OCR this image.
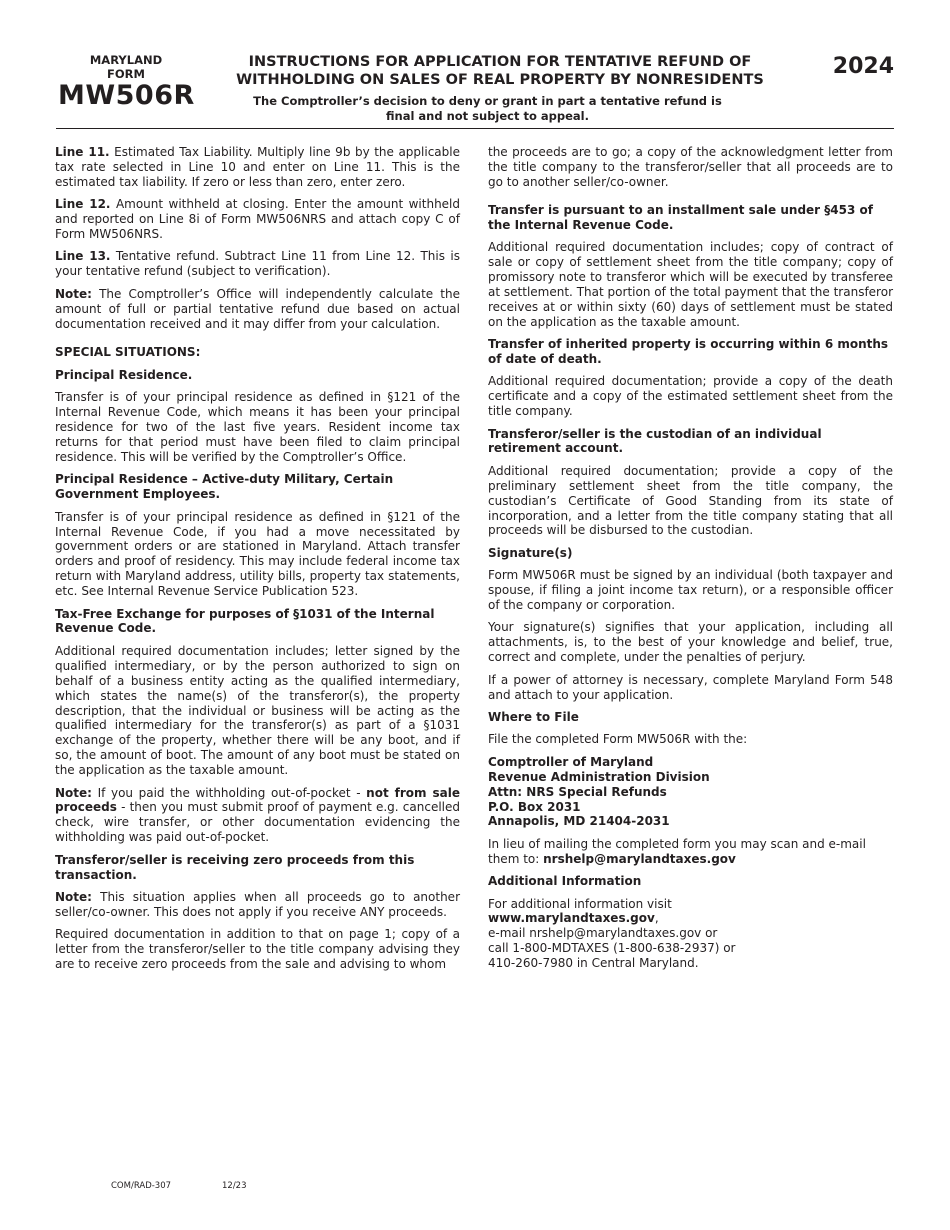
MARYLAND
FORM
MW506R
INSTRUCTIONS FOR APPLICATION FOR TENTATIVE REFUND OF
WITHHOLDING ON SALES OF REAL PROPERTY BY NONRESIDENTS
The Comptroller’s decision to deny or grant in part a tentative refund is
final and not subject to appeal.
2024

Line 11. Estimated Tax Liability. Multiply line 9b by the applicable tax rate selected in Line 10 and enter on Line 11. This is the estimated tax liability. If zero or less than zero, enter zero.

Line 12. Amount withheld at closing. Enter the amount withheld and reported on Line 8i of Form MW506NRS and attach copy C of Form MW506NRS.

Line 13. Tentative refund. Subtract Line 11 from Line 12. This is your tentative refund (subject to verification).

Note: The Comptroller’s Office will independently calculate the amount of full or partial tentative refund due based on actual documentation received and it may differ from your calculation.

SPECIAL SITUATIONS:
Principal Residence.

Transfer is of your principal residence as defined in §121 of the Internal Revenue Code, which means it has been your principal residence for two of the last five years. Resident income tax returns for that period must have been filed to claim principal residence. This will be verified by the Comptroller’s Office.

Principal Residence – Active-duty Military, Certain Government Employees.

Transfer is of your principal residence as defined in §121 of the Internal Revenue Code, if you had a move necessitated by government orders or are stationed in Maryland. Attach transfer orders and proof of residency. This may include federal income tax return with Maryland address, utility bills, property tax statements, etc. See Internal Revenue Service Publication 523.

Tax-Free Exchange for purposes of §1031 of the Internal Revenue Code.

Additional required documentation includes; letter signed by the qualified intermediary, or by the person authorized to sign on behalf of a business entity acting as the qualified intermediary, which states the name(s) of the transferor(s), the property description, that the individual or business will be acting as the qualified intermediary for the transferor(s) as part of a §1031 exchange of the property, whether there will be any boot, and if so, the amount of boot. The amount of any boot must be stated on the application as the taxable amount.

Note: If you paid the withholding out-of-pocket - not from sale proceeds - then you must submit proof of payment e.g. cancelled check, wire transfer, or other documentation evidencing the withholding was paid out-of-pocket.

Transferor/seller is receiving zero proceeds from this transaction.

Note: This situation applies when all proceeds go to another seller/co-owner. This does not apply if you receive ANY proceeds.

Required documentation in addition to that on page 1; copy of a letter from the transferor/seller to the title company advising they are to receive zero proceeds from the sale and advising to whom

the proceeds are to go; a copy of the acknowledgment letter from the title company to the transferor/seller that all proceeds are to go to another seller/co-owner.

Transfer is pursuant to an installment sale under §453 of the Internal Revenue Code.

Additional required documentation includes; copy of contract of sale or copy of settlement sheet from the title company; copy of promissory note to transferor which will be executed by transferee at settlement. That portion of the total payment that the transferor receives at or within sixty (60) days of settlement must be stated on the application as the taxable amount.

Transfer of inherited property is occurring within 6 months of date of death.

Additional required documentation; provide a copy of the death certificate and a copy of the estimated settlement sheet from the title company.

Transferor/seller is the custodian of an individual retirement account.

Additional required documentation; provide a copy of the preliminary settlement sheet from the title company, the custodian’s Certificate of Good Standing from its state of incorporation, and a letter from the title company stating that all proceeds will be disbursed to the custodian.

Signature(s)

Form MW506R must be signed by an individual (both taxpayer and spouse, if filing a joint income tax return), or a responsible officer of the company or corporation.

Your signature(s) signifies that your application, including all attachments, is, to the best of your knowledge and belief, true, correct and complete, under the penalties of perjury.

If a power of attorney is necessary, complete Maryland Form 548 and attach to your application.

Where to File

File the completed Form MW506R with the:

Comptroller of Maryland
Revenue Administration Division
Attn: NRS Special Refunds
P.O. Box 2031
Annapolis, MD 21404-2031

In lieu of mailing the completed form you may scan and e-mail them to: nrshelp@marylandtaxes.gov

Additional Information

For additional information visit
www.marylandtaxes.gov,
e-mail nrshelp@marylandtaxes.gov or
call 1-800-MDTAXES (1-800-638-2937) or
410-260-7980 in Central Maryland.

COM/RAD-307	12/23
